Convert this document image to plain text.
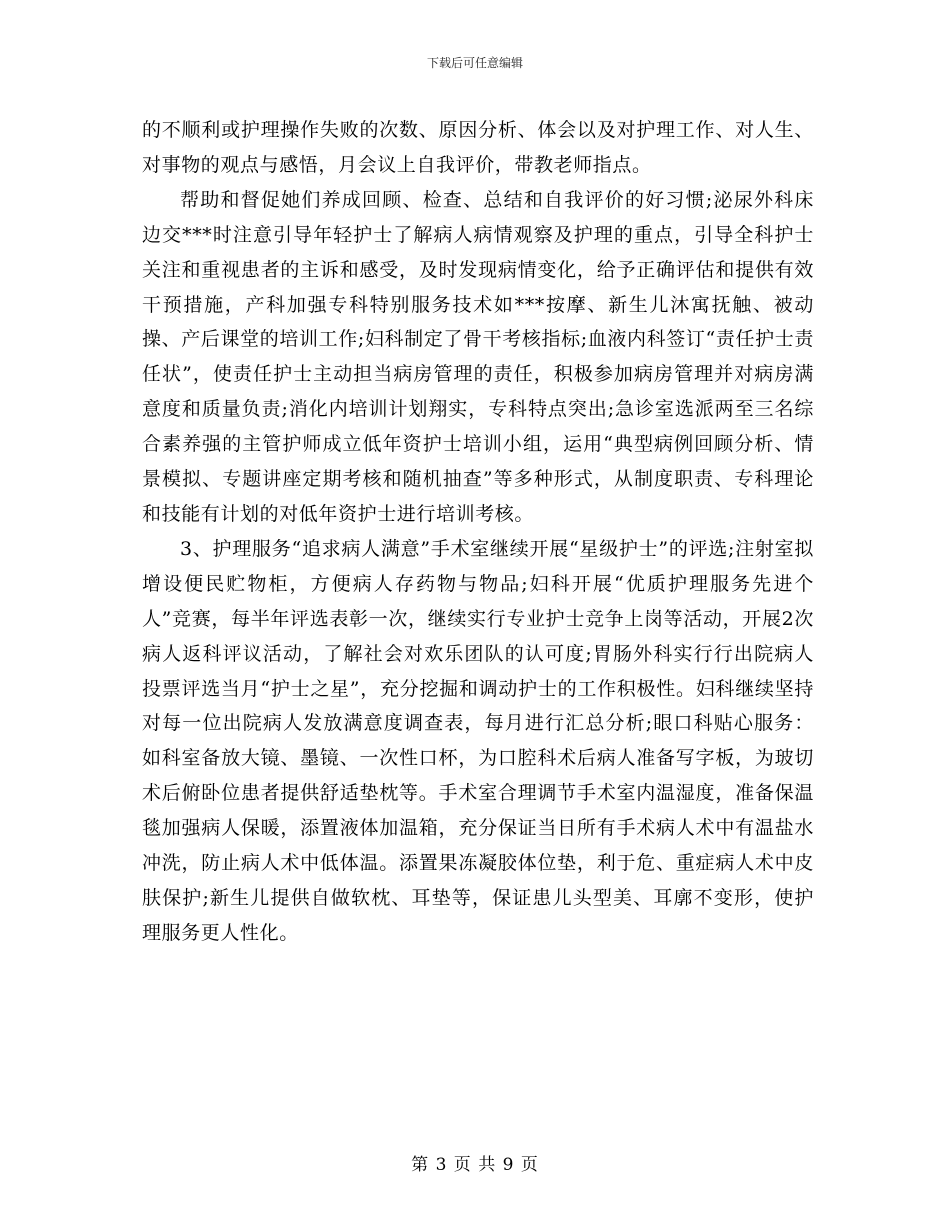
下载后可任意编辑

的不顺利或护理操作失败的次数、原因分析、体会以及对护理工作、对人生、对事物的观点与感悟，月会议上自我评价，带教老师指点。

帮助和督促她们养成回顾、检查、总结和自我评价的好习惯;泌尿外科床边交***时注意引导年轻护士了解病人病情观察及护理的重点，引导全科护士关注和重视患者的主诉和感受，及时发现病情变化，给予正确评估和提供有效干预措施，产科加强专科特别服务技术如***按摩、新生儿沐寓抚触、被动操、产后课堂的培训工作;妇科制定了骨干考核指标;血液内科签订“责任护士责任状”，使责任护士主动担当病房管理的责任，积极参加病房管理并对病房满意度和质量负责;消化内培训计划翔实，专科特点突出;急诊室选派两至三名综合素养强的主管护师成立低年资护士培训小组，运用“典型病例回顾分析、情景模拟、专题讲座定期考核和随机抽查”等多种形式，从制度职责、专科理论和技能有计划的对低年资护士进行培训考核。

3、护理服务“追求病人满意”手术室继续开展“星级护士”的评选;注射室拟增设便民贮物柜，方便病人存药物与物品;妇科开展“优质护理服务先进个人”竞赛，每半年评选表彰一次，继续实行专业护士竞争上岗等活动，开展2次病人返科评议活动，了解社会对欢乐团队的认可度;胃肠外科实行行出院病人投票评选当月“护士之星”，充分挖掘和调动护士的工作积极性。妇科继续坚持对每一位出院病人发放满意度调查表，每月进行汇总分析;眼口科贴心服务：如科室备放大镜、墨镜、一次性口杯，为口腔科术后病人准备写字板，为玻切术后俯卧位患者提供舒适垫枕等。手术室合理调节手术室内温湿度，准备保温毯加强病人保暖，添置液体加温箱，充分保证当日所有手术病人术中有温盐水冲洗，防止病人术中低体温。添置果冻凝胶体位垫，利于危、重症病人术中皮肤保护;新生儿提供自做软枕、耳垫等，保证患儿头型美、耳廓不变形，使护理服务更人性化。

第 3 页 共 9 页
